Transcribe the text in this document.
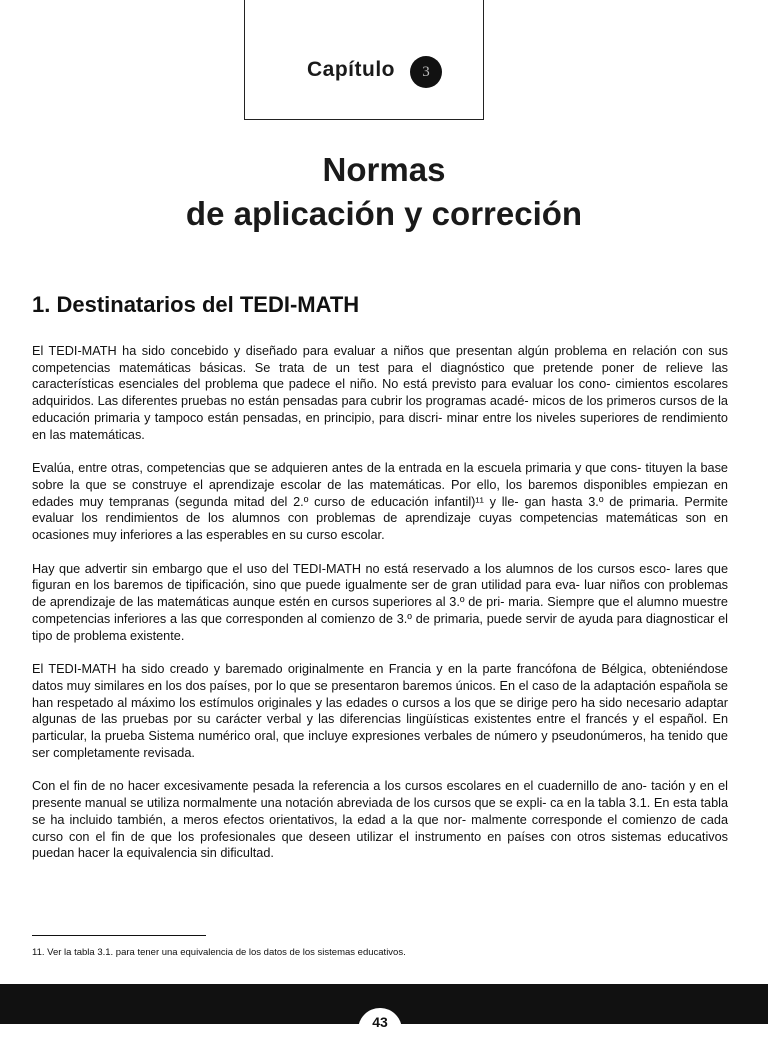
Capítulo	3
Normas
de aplicación y correción
1. Destinatarios del TEDI-MATH

El TEDI-MATH ha sido concebido y diseñado para evaluar a niños que presentan algún problema en relación con sus competencias matemáticas básicas. Se trata de un test para el diagnóstico que pretende poner de relieve las características esenciales del problema que padece el niño. No está previsto para evaluar los cono- cimientos escolares adquiridos. Las diferentes pruebas no están pensadas para cubrir los programas acadé- micos de los primeros cursos de la educación primaria y tampoco están pensadas, en principio, para discri- minar entre los niveles superiores de rendimiento en las matemáticas.

Evalúa, entre otras, competencias que se adquieren antes de la entrada en la escuela primaria y que cons- tituyen la base sobre la que se construye el aprendizaje escolar de las matemáticas. Por ello, los baremos disponibles empiezan en edades muy tempranas (segunda mitad del 2.º curso de educación infantil)¹¹ y lle- gan hasta 3.º de primaria. Permite evaluar los rendimientos de los alumnos con problemas de aprendizaje cuyas competencias matemáticas son en ocasiones muy inferiores a las esperables en su curso escolar.

Hay que advertir sin embargo que el uso del TEDI-MATH no está reservado a los alumnos de los cursos esco- lares que figuran en los baremos de tipificación, sino que puede igualmente ser de gran utilidad para eva- luar niños con problemas de aprendizaje de las matemáticas aunque estén en cursos superiores al 3.º de pri- maria. Siempre que el alumno muestre competencias inferiores a las que corresponden al comienzo de 3.º de primaria, puede servir de ayuda para diagnosticar el tipo de problema existente.

El TEDI-MATH ha sido creado y baremado originalmente en Francia y en la parte francófona de Bélgica, obteniéndose datos muy similares en los dos países, por lo que se presentaron baremos únicos. En el caso de la adaptación española se han respetado al máximo los estímulos originales y las edades o cursos a los que se dirige pero ha sido necesario adaptar algunas de las pruebas por su carácter verbal y las diferencias lingüísticas existentes entre el francés y el español. En particular, la prueba Sistema numérico oral, que incluye expresiones verbales de número y pseudonúmeros, ha tenido que ser completamente revisada.

Con el fin de no hacer excesivamente pesada la referencia a los cursos escolares en el cuadernillo de ano- tación y en el presente manual se utiliza normalmente una notación abreviada de los cursos que se expli- ca en la tabla 3.1. En esta tabla se ha incluido también, a meros efectos orientativos, la edad a la que nor- malmente corresponde el comienzo de cada curso con el fin de que los profesionales que deseen utilizar el instrumento en países con otros sistemas educativos puedan hacer la equivalencia sin dificultad.

11. Ver la tabla 3.1. para tener una equivalencia de los datos de los sistemas educativos.
43
